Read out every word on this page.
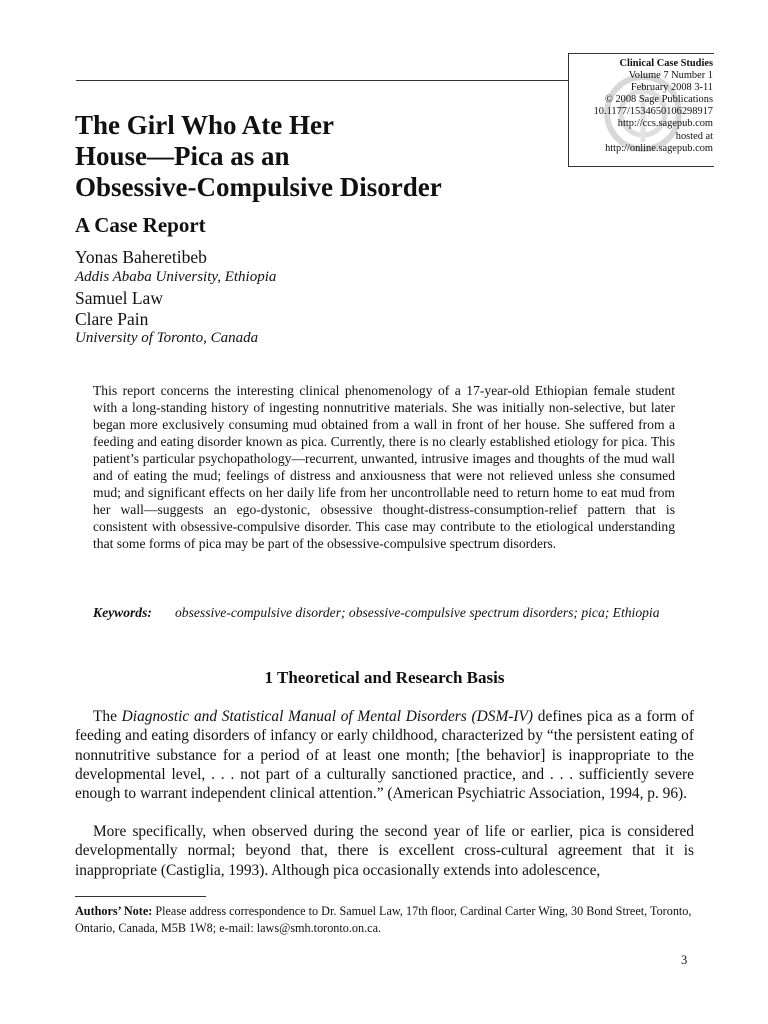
Clinical Case Studies
Volume 7 Number 1
February 2008 3-11
© 2008 Sage Publications
10.1177/1534650106298917
http://ccs.sagepub.com
hosted at
http://online.sagepub.com
The Girl Who Ate Her
House—Pica as an
Obsessive-Compulsive Disorder
A Case Report
Yonas Baheretibeb
Addis Ababa University, Ethiopia
Samuel Law
Clare Pain
University of Toronto, Canada
This report concerns the interesting clinical phenomenology of a 17-year-old Ethiopian female student with a long-standing history of ingesting nonnutritive materials. She was initially non-selective, but later began more exclusively consuming mud obtained from a wall in front of her house. She suffered from a feeding and eating disorder known as pica. Currently, there is no clearly established etiology for pica. This patient’s particular psychopathology—recurrent, unwanted, intrusive images and thoughts of the mud wall and of eating the mud; feelings of distress and anxiousness that were not relieved unless she consumed mud; and significant effects on her daily life from her uncontrollable need to return home to eat mud from her wall—suggests an ego-dystonic, obsessive thought-distress-consumption-relief pattern that is consistent with obsessive-compulsive disorder. This case may contribute to the etiological understanding that some forms of pica may be part of the obsessive-compulsive spectrum disorders.
Keywords:	obsessive-compulsive disorder; obsessive-compulsive spectrum disorders; pica; Ethiopia
1 Theoretical and Research Basis

The Diagnostic and Statistical Manual of Mental Disorders (DSM-IV) defines pica as a form of feeding and eating disorders of infancy or early childhood, characterized by “the persistent eating of nonnutritive substance for a period of at least one month; [the behavior] is inappropriate to the developmental level, . . . not part of a culturally sanctioned practice, and . . . sufficiently severe enough to warrant independent clinical attention.” (American Psychiatric Association, 1994, p. 96).

More specifically, when observed during the second year of life or earlier, pica is considered developmentally normal; beyond that, there is excellent cross-cultural agreement that it is inappropriate (Castiglia, 1993). Although pica occasionally extends into adolescence,

Authors’ Note: Please address correspondence to Dr. Samuel Law, 17th floor, Cardinal Carter Wing, 30 Bond Street, Toronto, Ontario, Canada, M5B 1W8; e-mail: laws@smh.toronto.on.ca.
3
